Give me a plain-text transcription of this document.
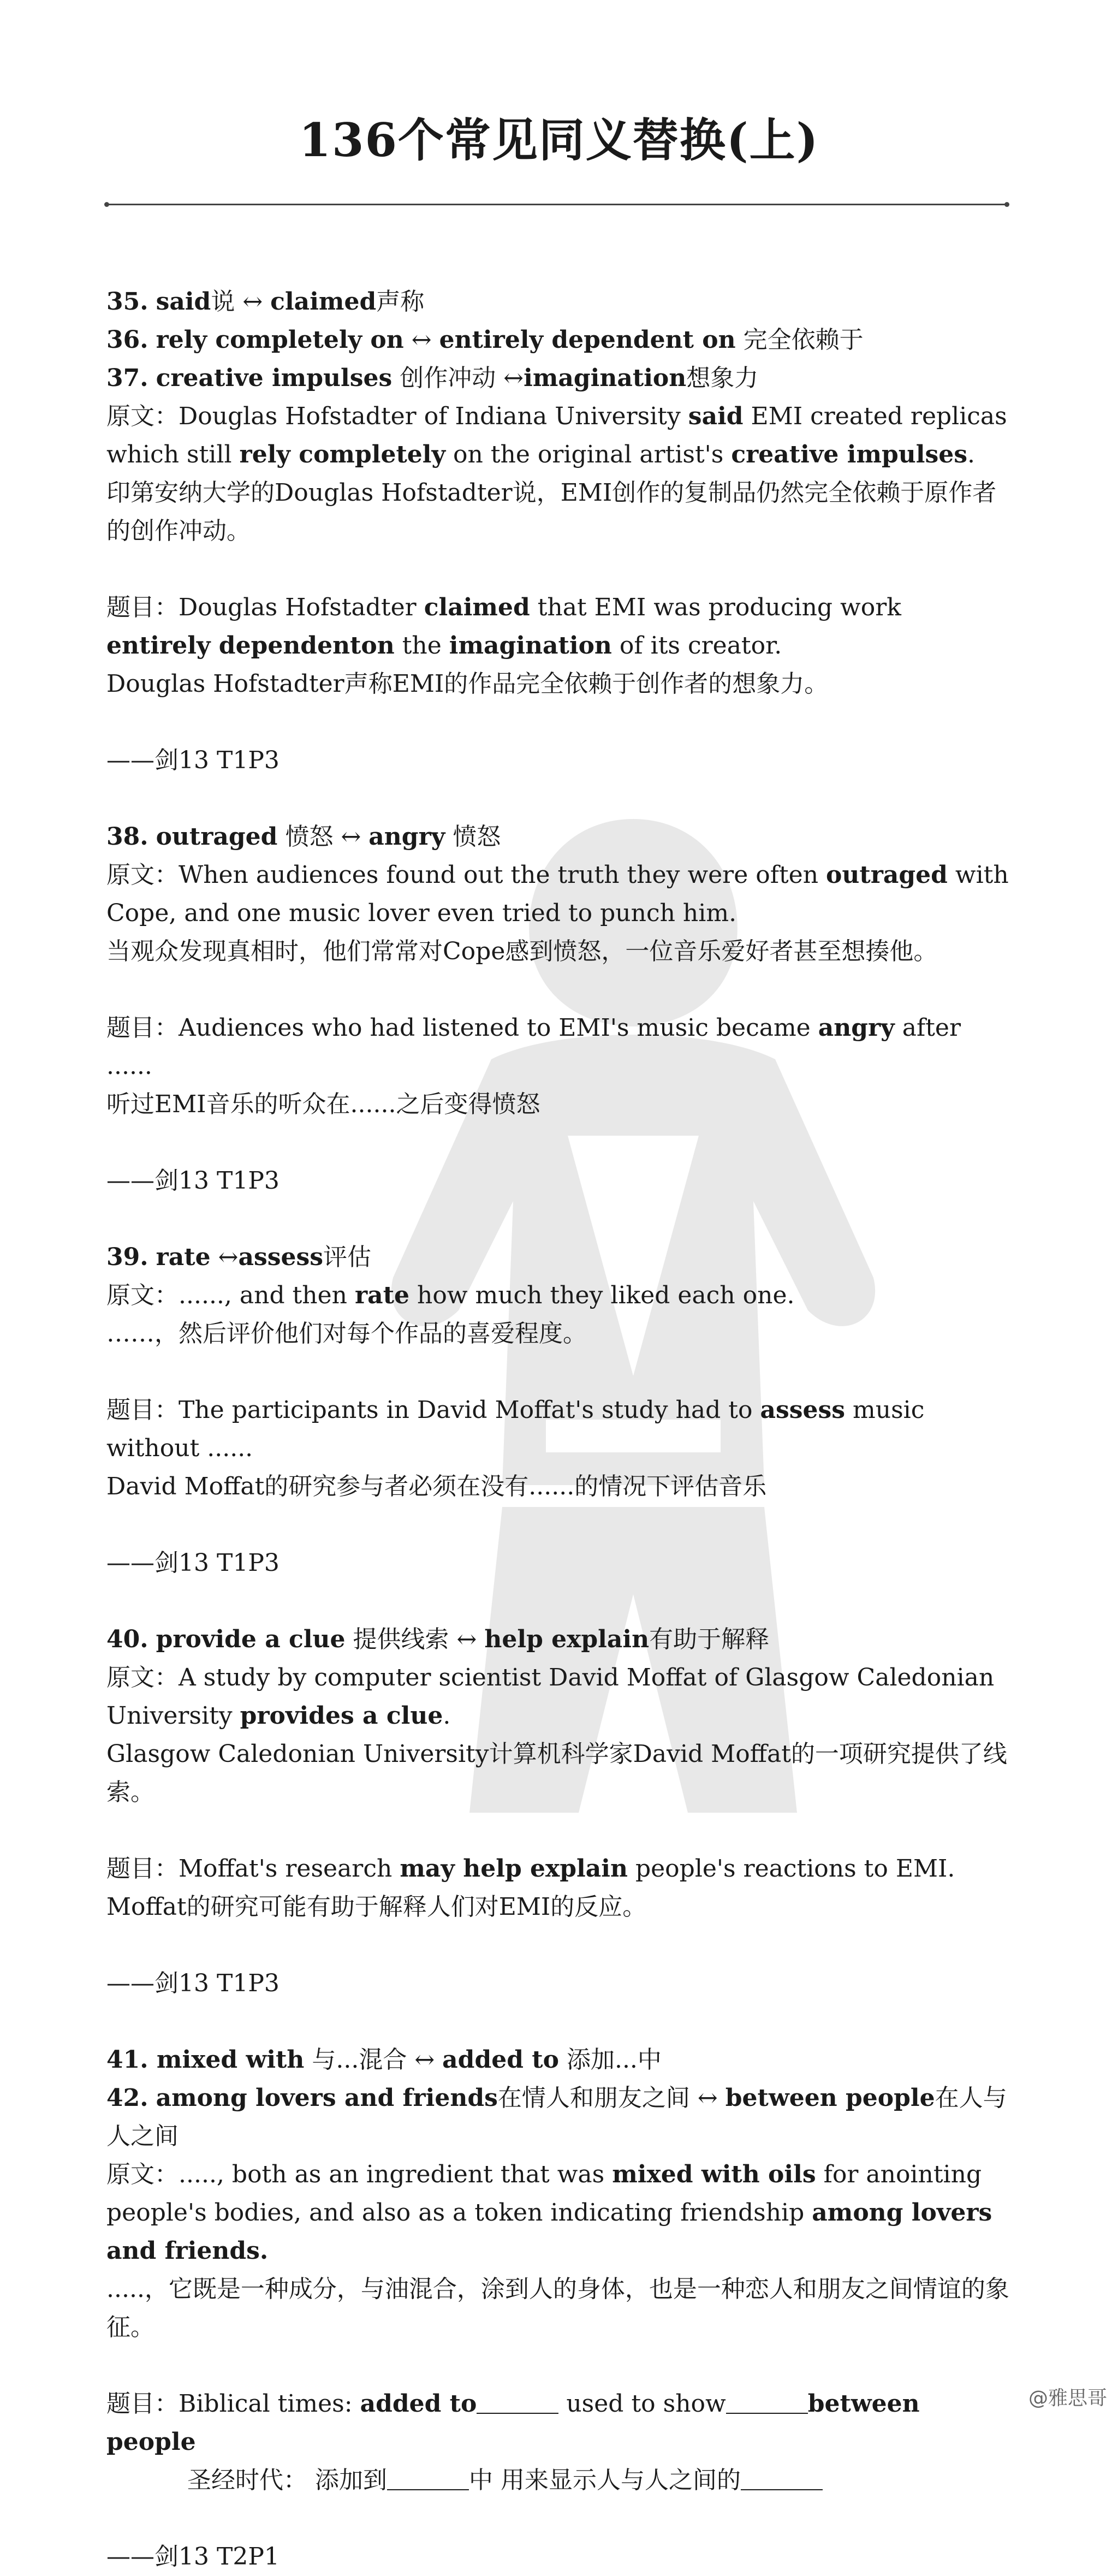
136个常见同义替换(上)

35. said说 ↔ claimed声称

36. rely completely on ↔ entirely dependent on 完全依赖于

37. creative impulses 创作冲动 ↔imagination想象力

原文：Douglas Hofstadter of Indiana University said EMI created replicas which still rely completely on the original artist's creative impulses.

印第安纳大学的Douglas Hofstadter说，EMI创作的复制品仍然完全依赖于原作者的创作冲动。

题目：Douglas Hofstadter claimed that EMI was producing work entirely dependenton the imagination of its creator.

Douglas Hofstadter声称EMI的作品完全依赖于创作者的想象力。

——剑13 T1P3

38. outraged 愤怒 ↔ angry 愤怒

原文：When audiences found out the truth they were often outraged with Cope, and one music lover even tried to punch him.

当观众发现真相时，他们常常对Cope感到愤怒，一位音乐爱好者甚至想揍他。

题目：Audiences who had listened to EMI's music became angry after ......

听过EMI音乐的听众在......之后变得愤怒

——剑13 T1P3

39. rate ↔assess评估

原文：......, and then rate how much they liked each one.

……，然后评价他们对每个作品的喜爱程度。

题目：The participants in David Moffat's study had to assess music without ......

David Moffat的研究参与者必须在没有......的情况下评估音乐

——剑13 T1P3

40. provide a clue 提供线索 ↔ help explain有助于解释

原文：A study by computer scientist David Moffat of Glasgow Caledonian University provides a clue.

Glasgow Caledonian University计算机科学家David Moffat的一项研究提供了线索。

题目：Moffat's research may help explain people's reactions to EMI.

Moffat的研究可能有助于解释人们对EMI的反应。

——剑13 T1P3

41. mixed with 与...混合 ↔ added to 添加...中

42. among lovers and friends在情人和朋友之间 ↔ between people在人与人之间

原文：....., both as an ingredient that was mixed with oils for anointing people's bodies, and also as a token indicating friendship among lovers and friends.

.....，它既是一种成分，与油混合，涂到人的身体，也是一种恋人和朋友之间情谊的象征。

题目：Biblical times: added to	used to show	between people

圣经时代： 添加到	中 用来显示人与人之间的

——剑13 T2P1

@雅思哥
